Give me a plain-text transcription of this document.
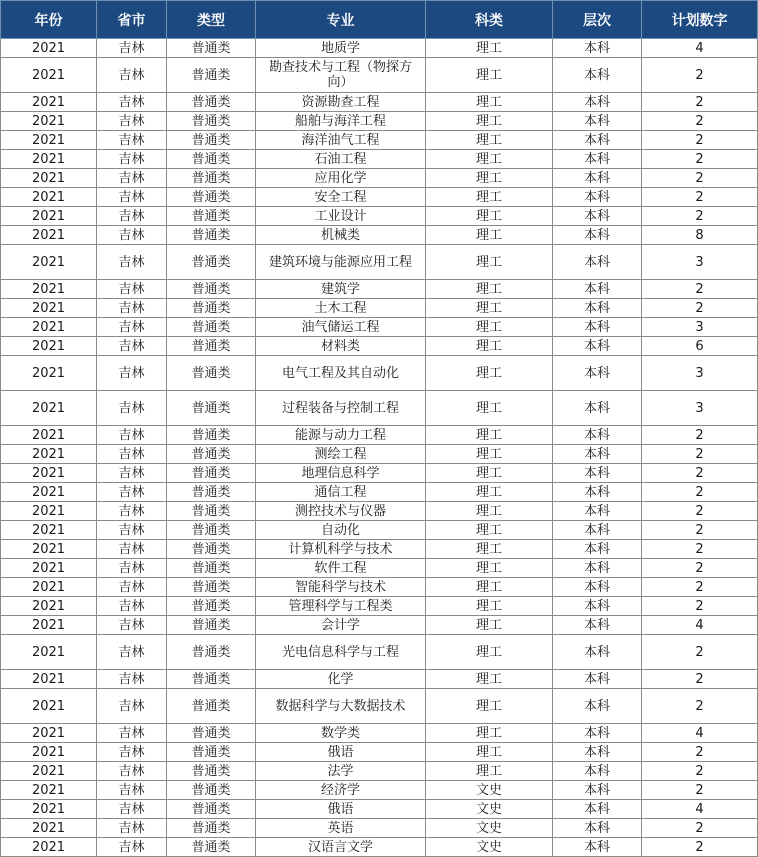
年份	省市	类型	专业	科类	层次	计划数字
2021	吉林	普通类	地质学	理工	本科	4
2021	吉林	普通类	勘查技术与工程（物探方向）	理工	本科	2
2021	吉林	普通类	资源勘查工程	理工	本科	2
2021	吉林	普通类	船舶与海洋工程	理工	本科	2
2021	吉林	普通类	海洋油气工程	理工	本科	2
2021	吉林	普通类	石油工程	理工	本科	2
2021	吉林	普通类	应用化学	理工	本科	2
2021	吉林	普通类	安全工程	理工	本科	2
2021	吉林	普通类	工业设计	理工	本科	2
2021	吉林	普通类	机械类	理工	本科	8
2021	吉林	普通类	建筑环境与能源应用工程	理工	本科	3
2021	吉林	普通类	建筑学	理工	本科	2
2021	吉林	普通类	土木工程	理工	本科	2
2021	吉林	普通类	油气储运工程	理工	本科	3
2021	吉林	普通类	材料类	理工	本科	6
2021	吉林	普通类	电气工程及其自动化	理工	本科	3
2021	吉林	普通类	过程装备与控制工程	理工	本科	3
2021	吉林	普通类	能源与动力工程	理工	本科	2
2021	吉林	普通类	测绘工程	理工	本科	2
2021	吉林	普通类	地理信息科学	理工	本科	2
2021	吉林	普通类	通信工程	理工	本科	2
2021	吉林	普通类	测控技术与仪器	理工	本科	2
2021	吉林	普通类	自动化	理工	本科	2
2021	吉林	普通类	计算机科学与技术	理工	本科	2
2021	吉林	普通类	软件工程	理工	本科	2
2021	吉林	普通类	智能科学与技术	理工	本科	2
2021	吉林	普通类	管理科学与工程类	理工	本科	2
2021	吉林	普通类	会计学	理工	本科	4
2021	吉林	普通类	光电信息科学与工程	理工	本科	2
2021	吉林	普通类	化学	理工	本科	2
2021	吉林	普通类	数据科学与大数据技术	理工	本科	2
2021	吉林	普通类	数学类	理工	本科	4
2021	吉林	普通类	俄语	理工	本科	2
2021	吉林	普通类	法学	理工	本科	2
2021	吉林	普通类	经济学	文史	本科	2
2021	吉林	普通类	俄语	文史	本科	4
2021	吉林	普通类	英语	文史	本科	2
2021	吉林	普通类	汉语言文学	文史	本科	2
